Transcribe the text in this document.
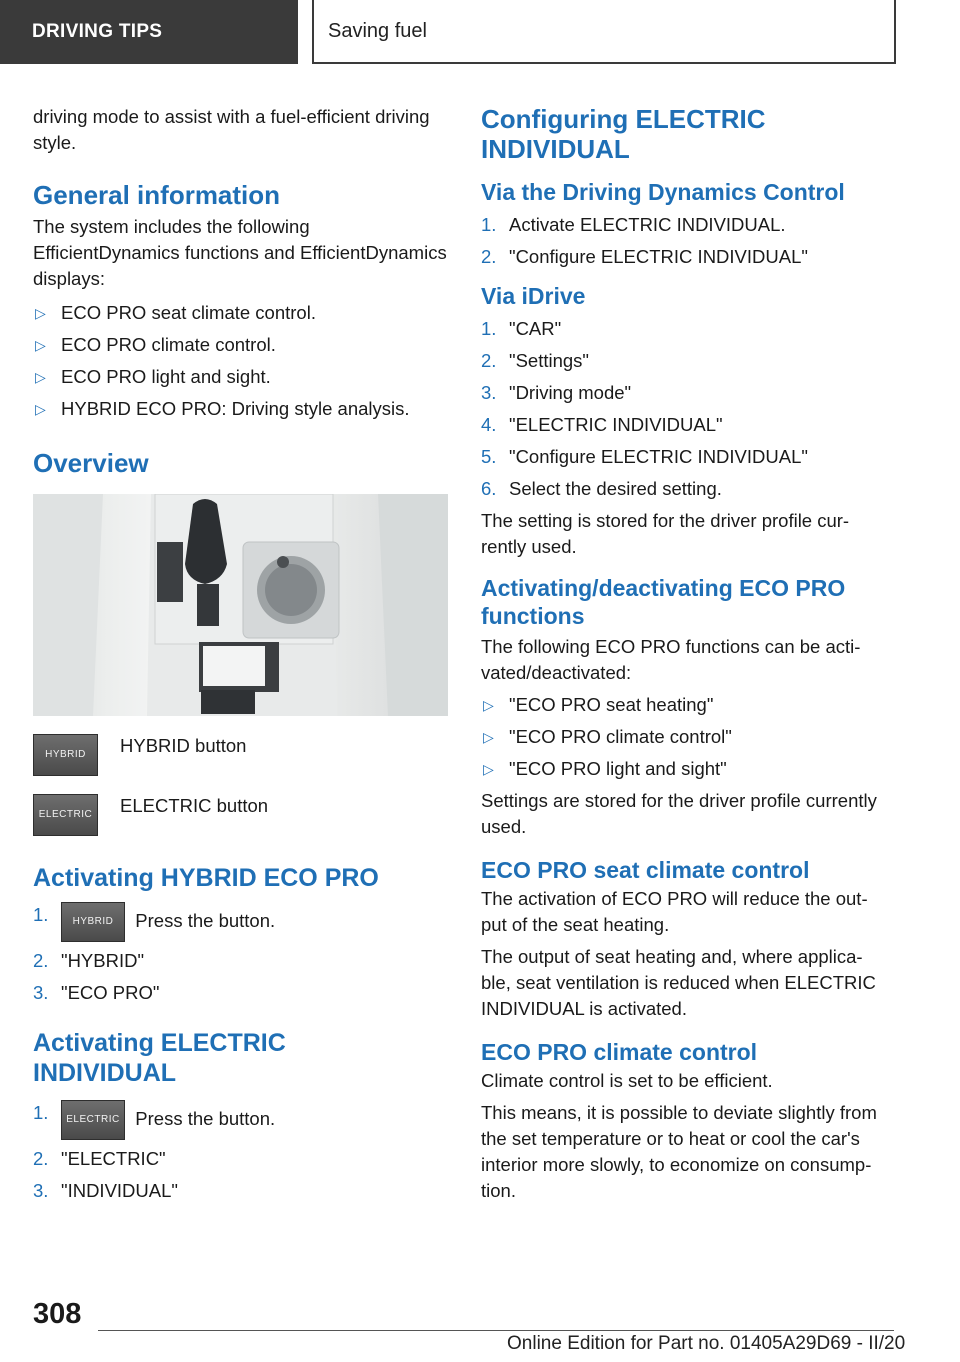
DRIVING TIPS	Saving fuel

driving mode to assist with a fuel-efficient driving style.

General information

The system includes the following EfficientDynamics functions and EfficientDynamics displays:

▷ ECO PRO seat climate control.
▷ ECO PRO climate control.
▷ ECO PRO light and sight.
▷ HYBRID ECO PRO: Driving style analysis.
Overview
HYBRID	HYBRID button
ELECTRIC	ELECTRIC button
Activating HYBRID ECO PRO
1. HYBRID Press the button.
2. "HYBRID"
3. "ECO PRO"
Activating ELECTRIC INDIVIDUAL
1. ELECTRIC Press the button.
2. "ELECTRIC"
3. "INDIVIDUAL"
Configuring ELECTRIC INDIVIDUAL
Via the Driving Dynamics Control
1. Activate ELECTRIC INDIVIDUAL.
2. "Configure ELECTRIC INDIVIDUAL"
Via iDrive
1. "CAR"
2. "Settings"
3. "Driving mode"
4. "ELECTRIC INDIVIDUAL"
5. "Configure ELECTRIC INDIVIDUAL"
6. Select the desired setting.

The setting is stored for the driver profile cur-rently used.

Activating/deactivating ECO PRO functions

The following ECO PRO functions can be acti-vated/deactivated:

▷ "ECO PRO seat heating"
▷ "ECO PRO climate control"
▷ "ECO PRO light and sight"

Settings are stored for the driver profile currently used.

ECO PRO seat climate control

The activation of ECO PRO will reduce the out-put of the seat heating.

The output of seat heating and, where applica-ble, seat ventilation is reduced when ELECTRIC INDIVIDUAL is activated.

ECO PRO climate control

Climate control is set to be efficient.

This means, it is possible to deviate slightly from the set temperature or to heat or cool the car's interior more slowly, to economize on consump-tion.

308
Online Edition for Part no. 01405A29D69 - II/20
